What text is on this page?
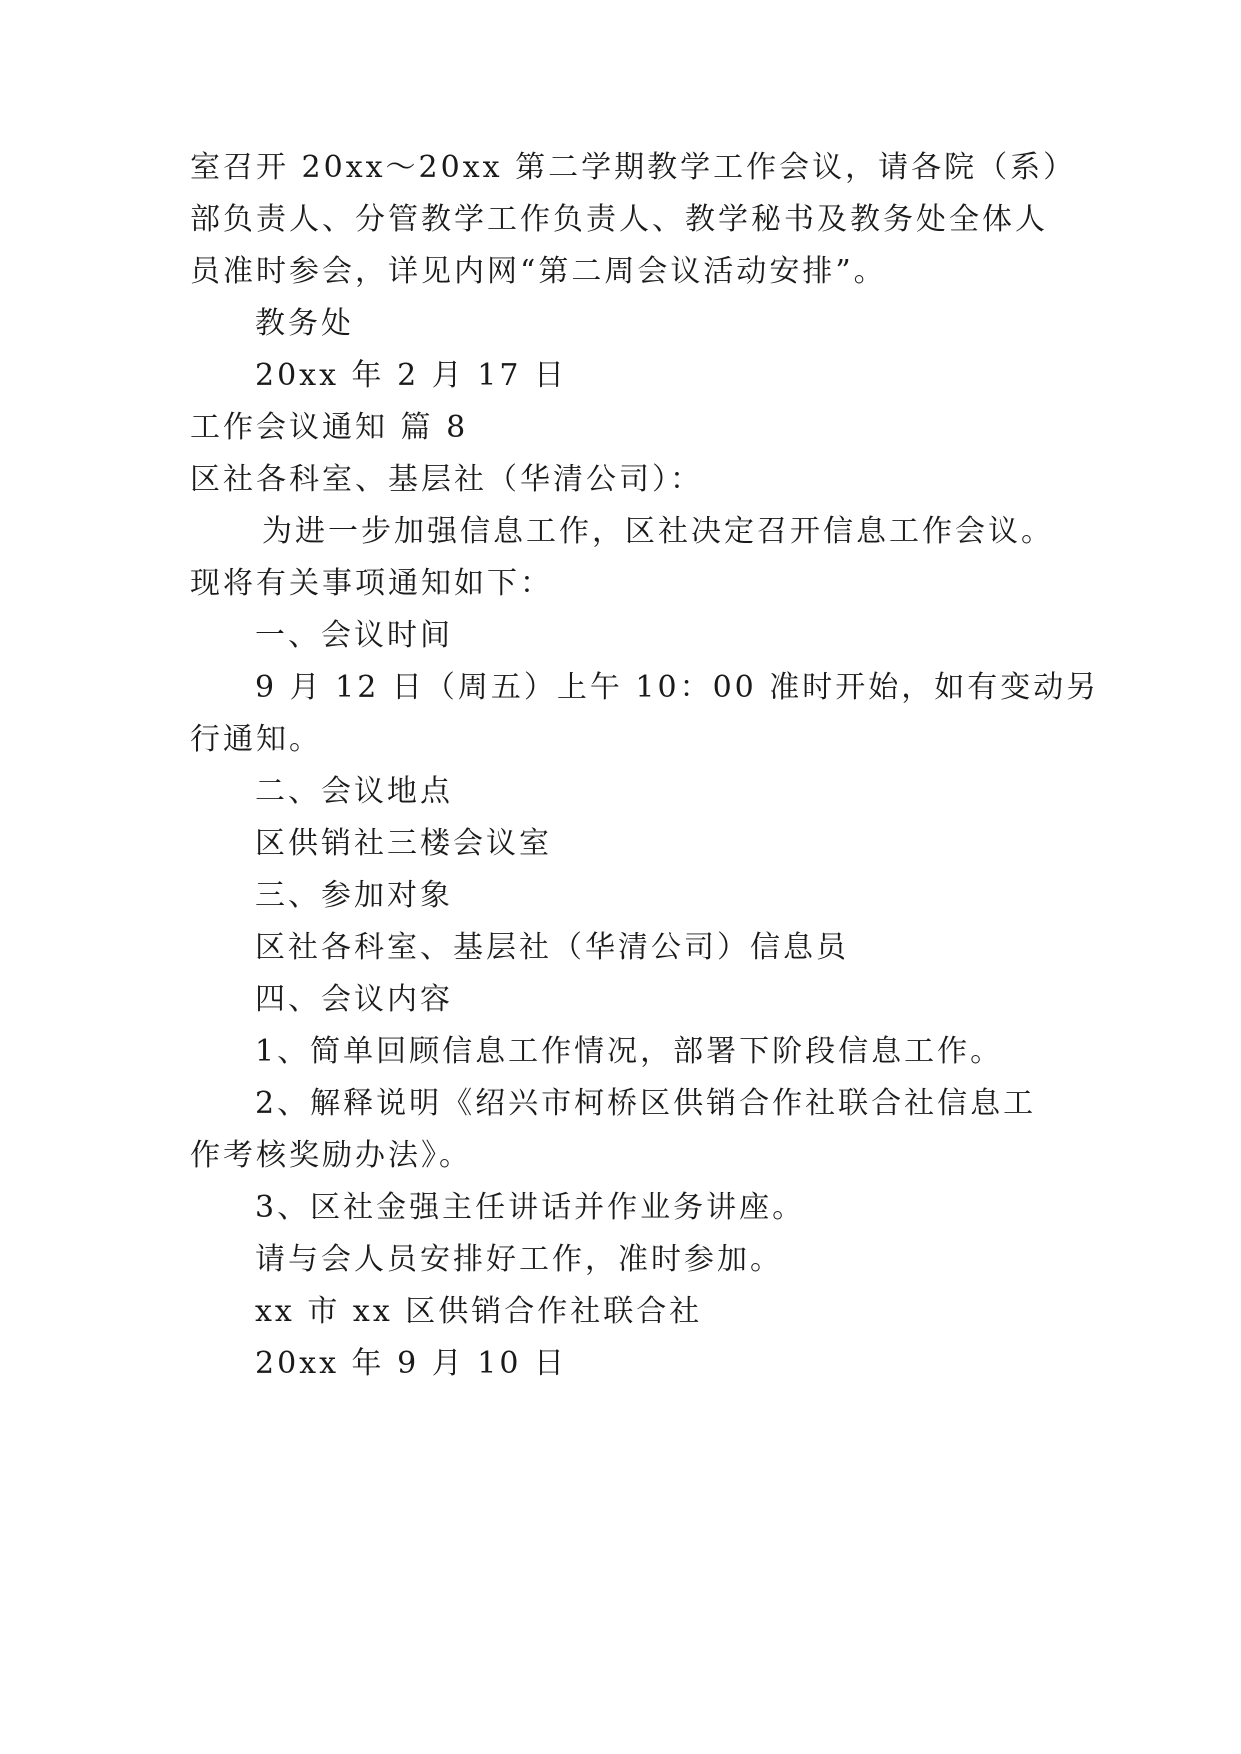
室召开 20xx～20xx 第二学期教学工作会议，请各院（系）

部负责人、分管教学工作负责人、教学秘书及教务处全体人

员准时参会，详见内网“第二周会议活动安排”。

教务处

20xx 年 2 月 17 日

工作会议通知 篇 8

区社各科室、基层社（华清公司）：

为进一步加强信息工作，区社决定召开信息工作会议。

现将有关事项通知如下：

一、会议时间

9 月 12 日（周五）上午 10：00 准时开始，如有变动另

行通知。

二、会议地点

区供销社三楼会议室

三、参加对象

区社各科室、基层社（华清公司）信息员

四、会议内容

1、简单回顾信息工作情况，部署下阶段信息工作。

2、解释说明《绍兴市柯桥区供销合作社联合社信息工

作考核奖励办法》。

3、区社金强主任讲话并作业务讲座。

请与会人员安排好工作，准时参加。

xx 市 xx 区供销合作社联合社

20xx 年 9 月 10 日
